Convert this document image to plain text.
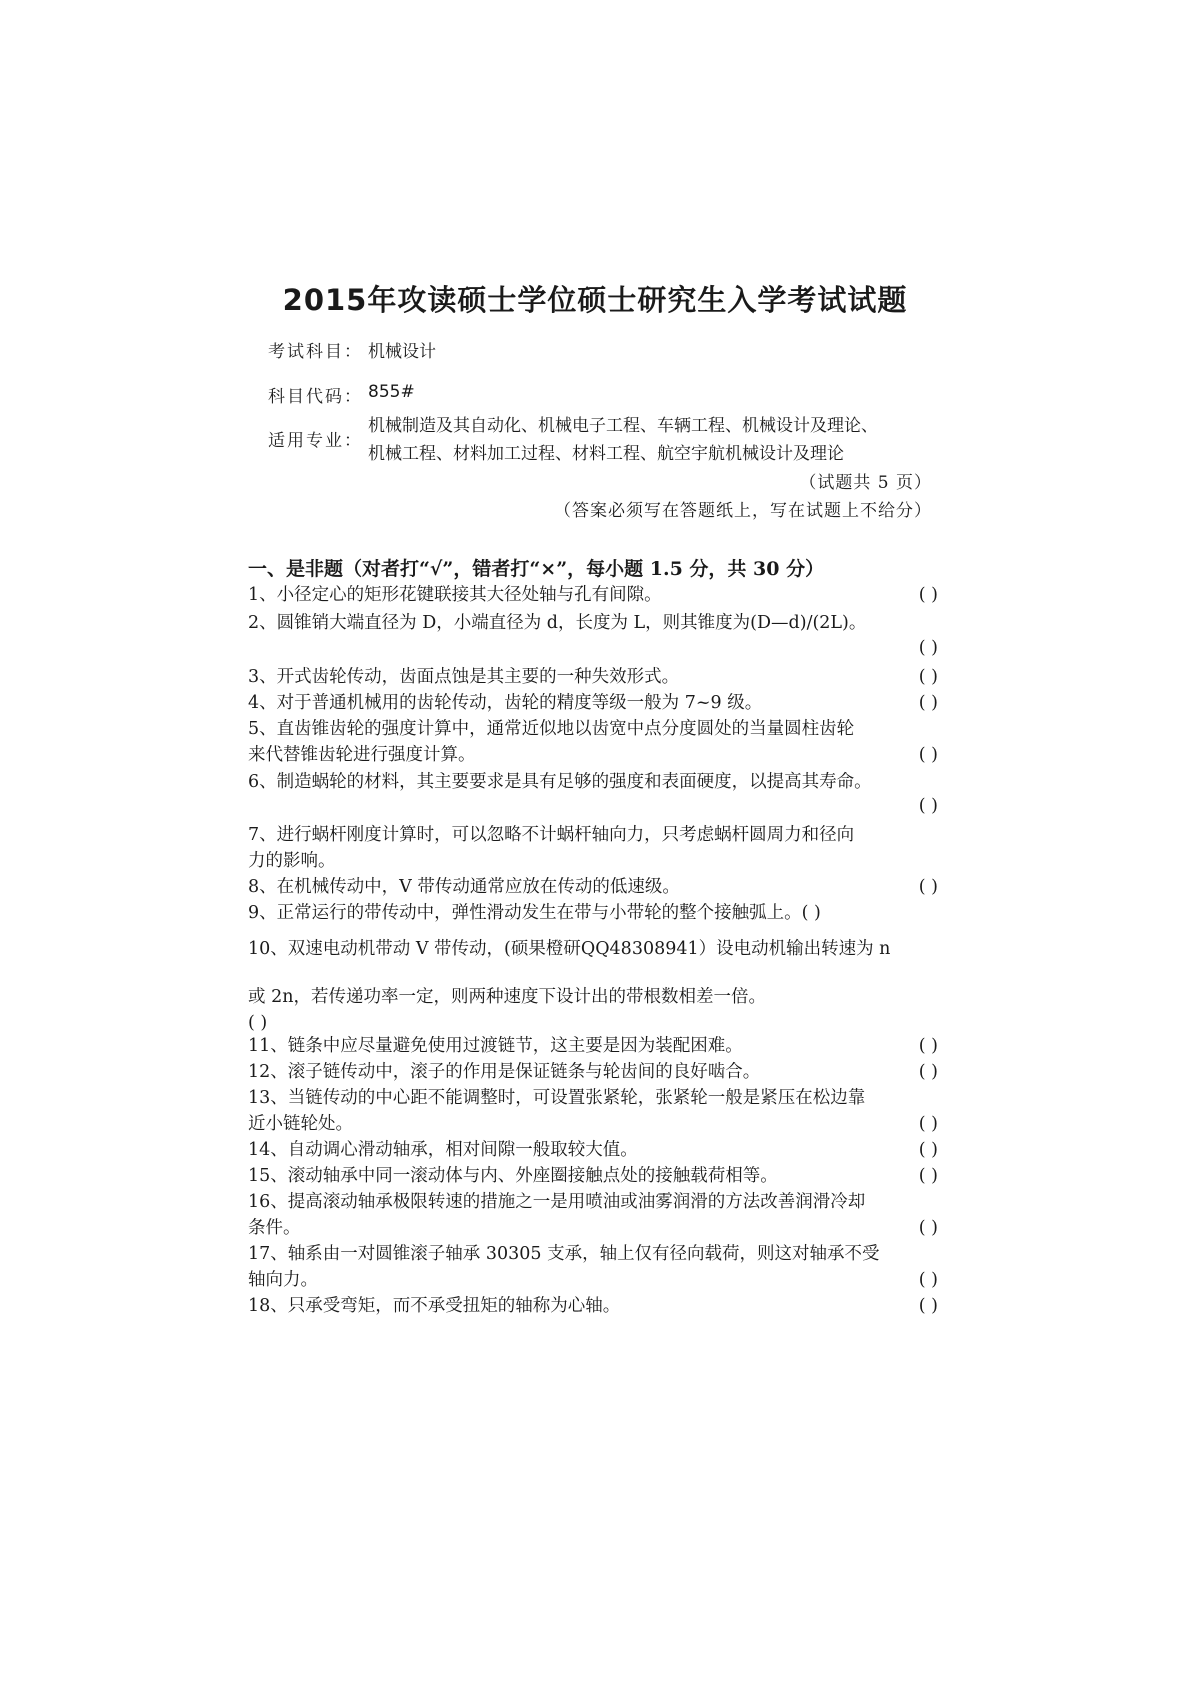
2015年攻读硕士学位硕士研究生入学考试试题
考试科目： 机械设计
科目代码： 855#
适用专业：
机械制造及其自动化、机械电子工程、车辆工程、机械设计及理论、
机械工程、材料加工过程、材料工程、航空宇航机械设计及理论
（试题共 5 页）
（答案必须写在答题纸上，写在试题上不给分）
一、是非题（对者打“√”，错者打“×”，每小题 1.5 分，共 30 分）
1、小径定心的矩形花键联接其大径处轴与孔有间隙。	( )
2、圆锥销大端直径为 D，小端直径为 d，长度为 L，则其锥度为(D—d)/(2L)。
( )
3、开式齿轮传动，齿面点蚀是其主要的一种失效形式。	( )
4、对于普通机械用的齿轮传动，齿轮的精度等级一般为 7~9 级。	( )
5、直齿锥齿轮的强度计算中，通常近似地以齿宽中点分度圆处的当量圆柱齿轮
来代替锥齿轮进行强度计算。	( )
6、制造蜗轮的材料，其主要要求是具有足够的强度和表面硬度，以提高其寿命。
( )
7、进行蜗杆刚度计算时，可以忽略不计蜗杆轴向力，只考虑蜗杆圆周力和径向
力的影响。
8、在机械传动中，V 带传动通常应放在传动的低速级。	( )
9、正常运行的带传动中，弹性滑动发生在带与小带轮的整个接触弧上。( )
10、双速电动机带动 V 带传动，(硕果橙研QQ48308941）设电动机输出转速为 n
或 2n，若传递功率一定，则两种速度下设计出的带根数相差一倍。
( )
11、链条中应尽量避免使用过渡链节，这主要是因为装配困难。	( )
12、滚子链传动中，滚子的作用是保证链条与轮齿间的良好啮合。	( )
13、当链传动的中心距不能调整时，可设置张紧轮，张紧轮一般是紧压在松边靠
近小链轮处。	( )
14、自动调心滑动轴承，相对间隙一般取较大值。	( )
15、滚动轴承中同一滚动体与内、外座圈接触点处的接触载荷相等。	( )
16、提高滚动轴承极限转速的措施之一是用喷油或油雾润滑的方法改善润滑冷却
条件。	( )
17、轴系由一对圆锥滚子轴承 30305 支承，轴上仅有径向载荷，则这对轴承不受
轴向力。	( )
18、只承受弯矩，而不承受扭矩的轴称为心轴。	( )
